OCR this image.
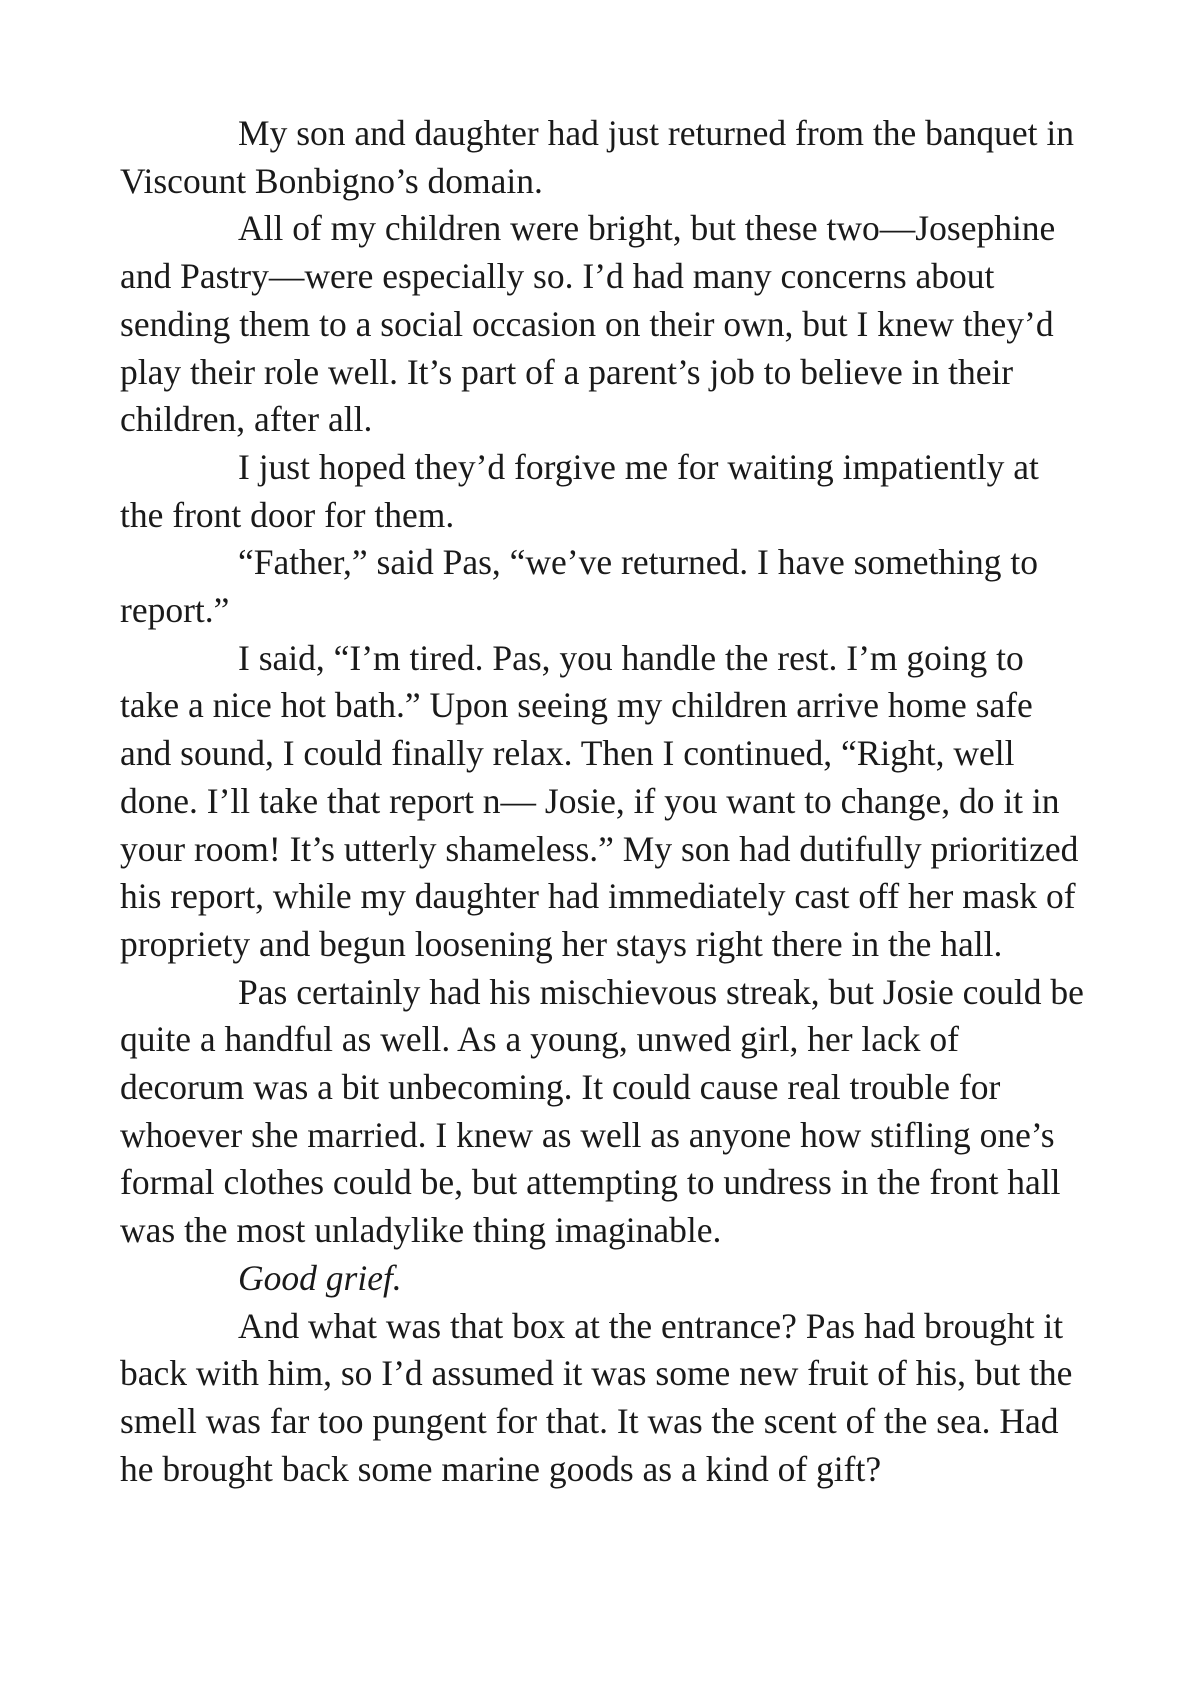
My son and daughter had just returned from the banquet in Viscount Bonbigno’s domain.

All of my children were bright, but these two—Josephine and Pastry—were especially so. I’d had many concerns about sending them to a social occasion on their own, but I knew they’d play their role well. It’s part of a parent’s job to believe in their children, after all.

I just hoped they’d forgive me for waiting impatiently at the front door for them.

“Father,” said Pas, “we’ve returned. I have something to report.”

I said, “I’m tired. Pas, you handle the rest. I’m going to take a nice hot bath.” Upon seeing my children arrive home safe and sound, I could finally relax. Then I continued, “Right, well done. I’ll take that report n— Josie, if you want to change, do it in your room! It’s utterly shameless.” My son had dutifully prioritized his report, while my daughter had immediately cast off her mask of propriety and begun loosening her stays right there in the hall.

Pas certainly had his mischievous streak, but Josie could be quite a handful as well. As a young, unwed girl, her lack of decorum was a bit unbecoming. It could cause real trouble for whoever she married. I knew as well as anyone how stifling one’s formal clothes could be, but attempting to undress in the front hall was the most unladylike thing imaginable.

Good grief.

And what was that box at the entrance? Pas had brought it back with him, so I’d assumed it was some new fruit of his, but the smell was far too pungent for that. It was the scent of the sea. Had he brought back some marine goods as a kind of gift?
